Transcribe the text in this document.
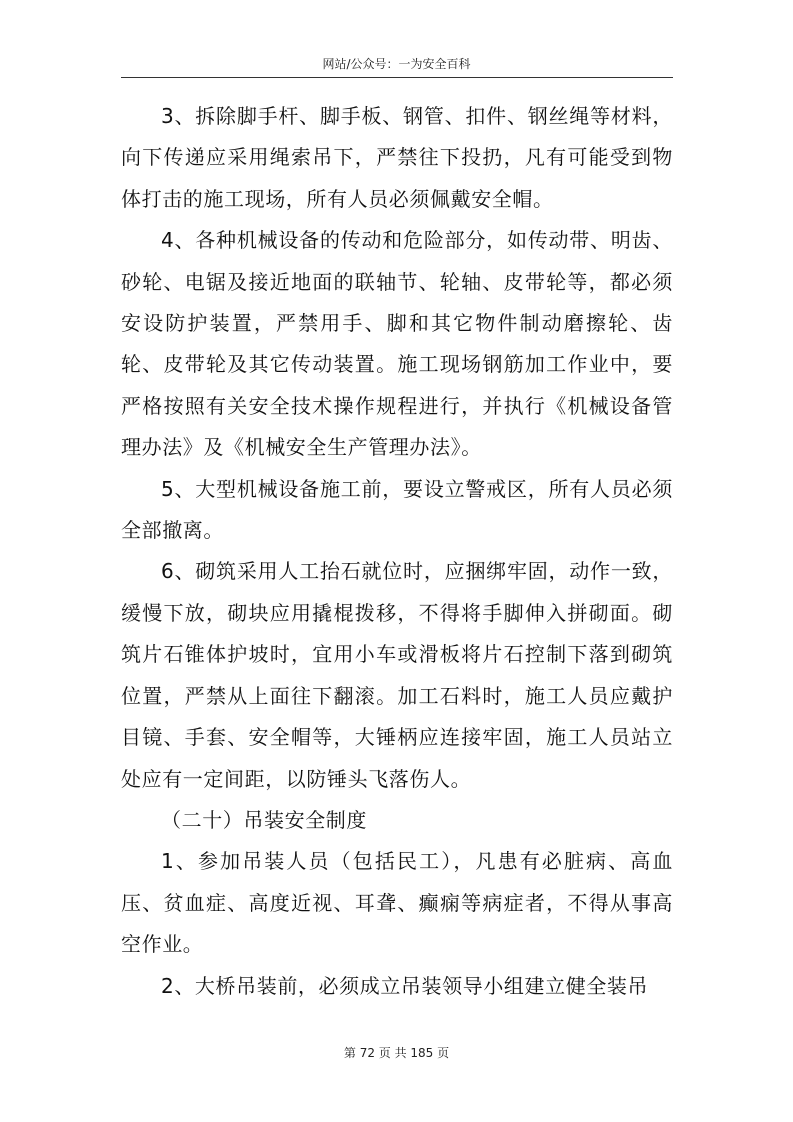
网站/公众号：一为安全百科

3、拆除脚手杆、脚手板、钢管、扣件、钢丝绳等材料，向下传递应采用绳索吊下，严禁往下投扔，凡有可能受到物体打击的施工现场，所有人员必须佩戴安全帽。

4、各种机械设备的传动和危险部分，如传动带、明齿、砂轮、电锯及接近地面的联轴节、轮轴、皮带轮等，都必须安设防护装置，严禁用手、脚和其它物件制动磨擦轮、齿轮、皮带轮及其它传动装置。施工现场钢筋加工作业中，要严格按照有关安全技术操作规程进行，并执行《机械设备管理办法》及《机械安全生产管理办法》。

5、大型机械设备施工前，要设立警戒区，所有人员必须全部撤离。

6、砌筑采用人工抬石就位时，应捆绑牢固，动作一致，缓慢下放，砌块应用撬棍拨移，不得将手脚伸入拼砌面。砌筑片石锥体护坡时，宜用小车或滑板将片石控制下落到砌筑位置，严禁从上面往下翻滚。加工石料时，施工人员应戴护目镜、手套、安全帽等，大锤柄应连接牢固，施工人员站立处应有一定间距，以防锤头飞落伤人。

（二十）吊装安全制度

1、参加吊装人员（包括民工），凡患有必脏病、高血压、贫血症、高度近视、耳聋、癫痫等病症者，不得从事高空作业。

2、大桥吊装前，必须成立吊装领导小组建立健全装吊

第 72 页 共 185 页
